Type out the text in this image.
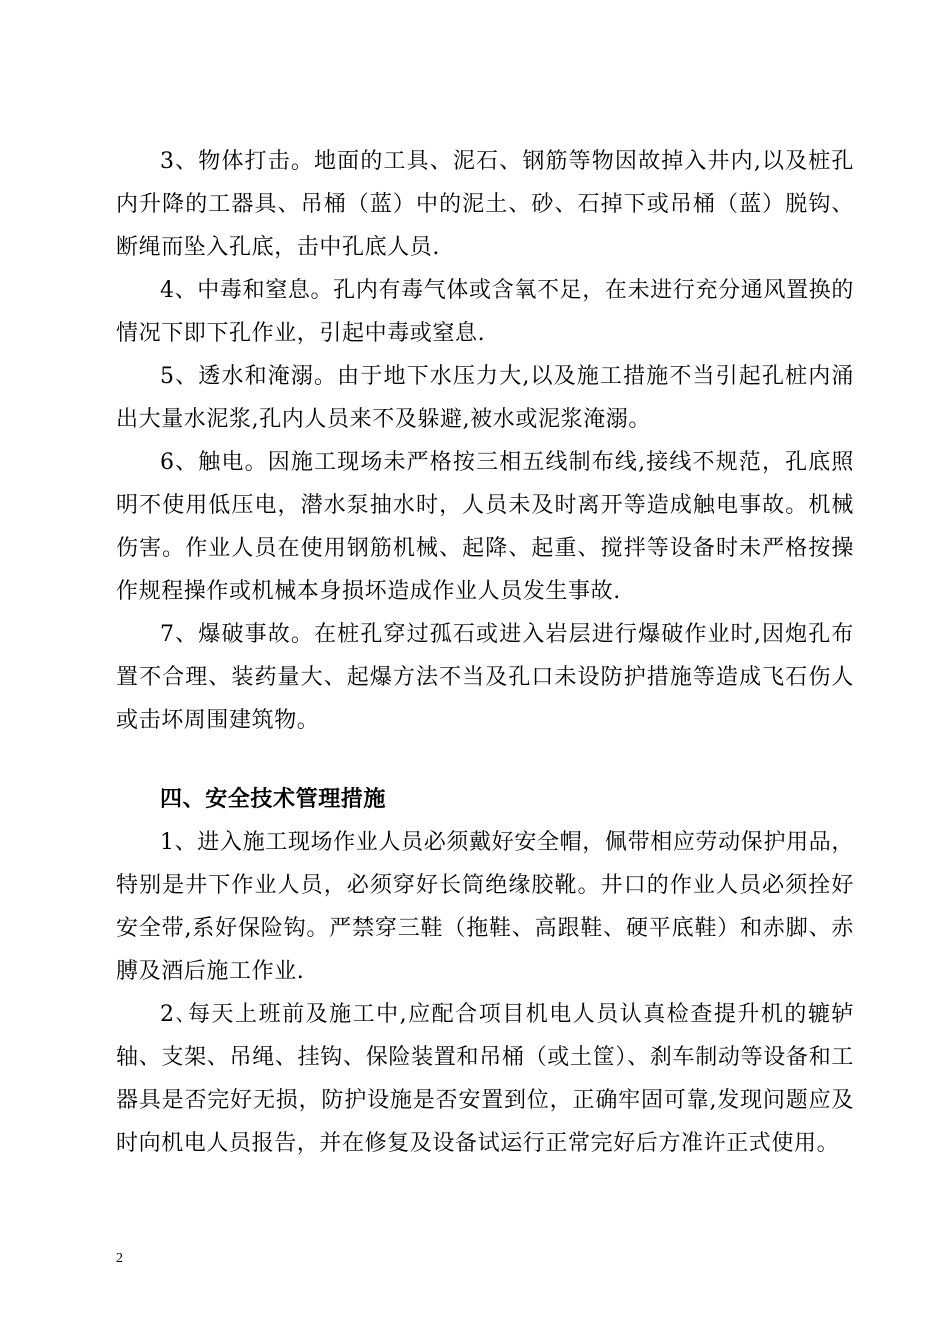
3、物体打击。地面的工具、泥石、钢筋等物因故掉入井内,以及桩孔内升降的工器具、吊桶（蓝）中的泥土、砂、石掉下或吊桶（蓝）脱钩、断绳而坠入孔底，击中孔底人员.

4、中毒和窒息。孔内有毒气体或含氧不足，在未进行充分通风置换的情况下即下孔作业，引起中毒或窒息.

5、透水和淹溺。由于地下水压力大,以及施工措施不当引起孔桩内涌出大量水泥浆,孔内人员来不及躲避,被水或泥浆淹溺。

6、触电。因施工现场未严格按三相五线制布线,接线不规范，孔底照明不使用低压电，潜水泵抽水时，人员未及时离开等造成触电事故。机械伤害。作业人员在使用钢筋机械、起降、起重、搅拌等设备时未严格按操作规程操作或机械本身损坏造成作业人员发生事故.

7、爆破事故。在桩孔穿过孤石或进入岩层进行爆破作业时,因炮孔布置不合理、装药量大、起爆方法不当及孔口未设防护措施等造成飞石伤人或击坏周围建筑物。

四、安全技术管理措施

1、进入施工现场作业人员必须戴好安全帽，佩带相应劳动保护用品，特别是井下作业人员，必须穿好长筒绝缘胶靴。井口的作业人员必须拴好安全带,系好保险钩。严禁穿三鞋（拖鞋、高跟鞋、硬平底鞋）和赤脚、赤膊及酒后施工作业.

2､每天上班前及施工中,应配合项目机电人员认真检查提升机的辘轳轴、支架、吊绳、挂钩、保险装置和吊桶（或土筐）、刹车制动等设备和工器具是否完好无损，防护设施是否安置到位，正确牢固可靠,发现问题应及时向机电人员报告，并在修复及设备试运行正常完好后方准许正式使用。

2
